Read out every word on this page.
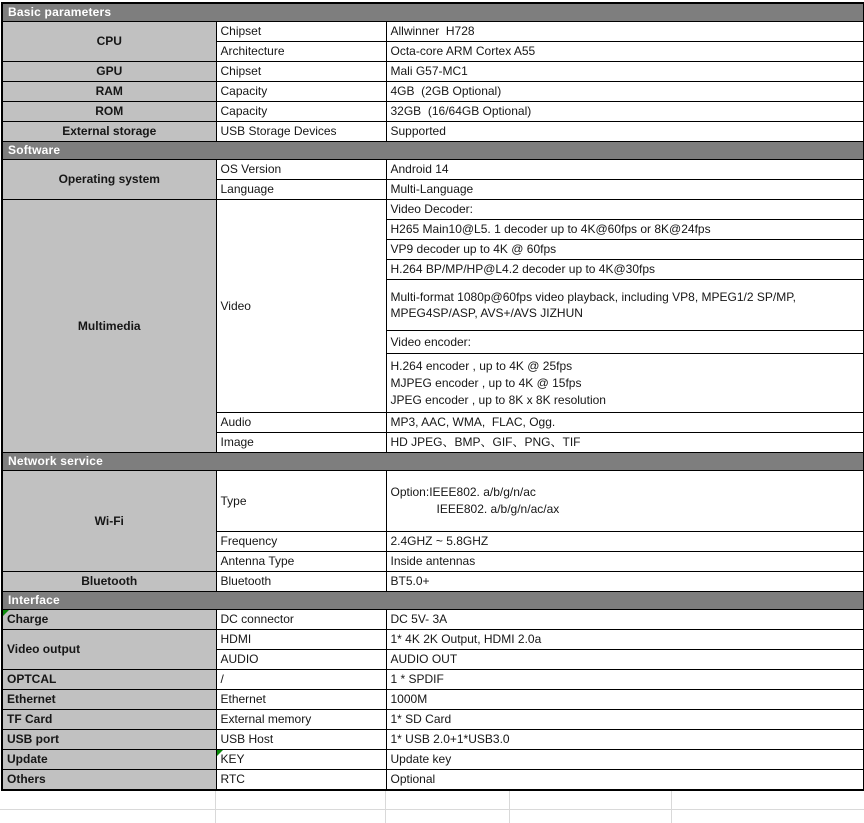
Basic parameters		
CPU	Chipset	Allwinner  H728
	Architecture	Octa-core ARM Cortex A55
GPU	Chipset	Mali G57-MC1
RAM	Capacity	4GB  (2GB Optional)
ROM	Capacity	32GB  (16/64GB Optional)
External storage	USB Storage Devices	Supported
Software		
Operating system	OS Version	Android 14
	Language	Multi-Language
Multimedia	Video	Video Decoder:
		H265 Main10@L5. 1 decoder up to 4K@60fps or 8K@24fps
		VP9 decoder up to 4K @ 60fps
		H.264 BP/MP/HP@L4.2 decoder up to 4K@30fps
		Multi-format 1080p@60fps video playback, including VP8, MPEG1/2 SP/MP, MPEG4SP/ASP, AVS+/AVS JIZHUN
		Video encoder:

		H.264 encoder , up to 4K @ 25fps
MJPEG encoder , up to 4K @ 15fps
JPEG encoder , up to 8K x 8K resolution

	Audio	MP3, AAC, WMA,  FLAC, Ogg.
	Image	HD JPEG、BMP、GIF、PNG、TIF
Network service		
Wi-Fi	Type	Option:IEEE802. a/b/g/n/ac
IEEE802. a/b/g/n/ac/ax

	Frequency	2.4GHZ ~ 5.8GHZ
	Antenna Type	Inside antennas
Bluetooth	Bluetooth	BT5.0+
Interface		

Charge	DC connector	DC 5V- 3A
Video output	HDMI	1* 4K 2K Output, HDMI 2.0a
	AUDIO	AUDIO OUT
OPTCAL	/	1 * SPDIF
Ethernet	Ethernet	1000M
TF Card	External memory	1* SD Card
USB port	USB Host	1* USB 2.0+1*USB3.0
Update	KEY	Update key
Others	RTC	Optional
